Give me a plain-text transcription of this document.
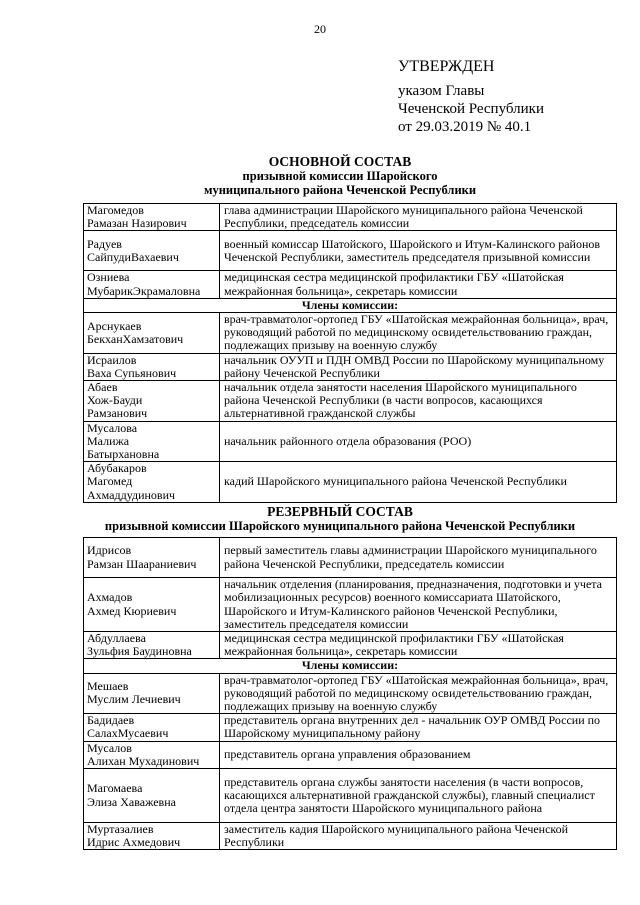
20
УТВЕРЖДЕН
указом Главы
Чеченской Республики
от 29.03.2019 № 40.1
ОСНОВНОЙ СОСТАВ
призывной комиссии Шаройского
муниципального района Чеченской Республики
Магомедов
Рамазан Назирович	глава администрации Шаройского муниципального района Чеченской Республики, председатель комиссии

Радуев
СайпудиВахаевич	военный комиссар Шатойского, Шаройского и Итум-Калинского районов Чеченской Республики, заместитель председателя призывной комиссии

Озниева
МубарикЭкрамаловна	медицинская сестра медицинской профилактики ГБУ «Шатойская межрайонная больница», секретарь комиссии
Члены комиссии:	

Арснукаев
БекханХамзатович	врач-травматолог-ортопед ГБУ «Шатойская межрайонная больница», врач, руководящий работой по медицинскому освидетельствованию граждан, подлежащих призыву на военную службу

Исраилов
Ваха Супьянович	начальник ОУУП и ПДН ОМВД России по Шаройскому муниципальному району Чеченской Республики

Абаев
Хож-Бауди
Рамзанович	начальник отдела занятости населения Шаройского муниципального района Чеченской Республики (в части вопросов, касающихся альтернативной гражданской службы

Мусалова
Малижа
Батырхановна	начальник районного отдела образования (РОО)

Абубакаров
Магомед
Ахмаддудинович	кадий Шаройского муниципального района Чеченской Республики
РЕЗЕРВНЫЙ СОСТАВ
призывной комиссии Шаройского муниципального района Чеченской Республики
Идрисов
Рамзан Шаараниевич	первый заместитель главы администрации Шаройского муниципального района Чеченской Республики, председатель комиссии

Ахмадов
Ахмед Кюриевич	начальник отделения (планирования, предназначения, подготовки и учета мобилизационных ресурсов) военного комиссариата Шатойского, Шаройского и Итум-Калинского районов Чеченской Республики, заместитель председателя комиссии

Абдуллаева
Зульфия Баудиновна	медицинская сестра медицинской профилактики ГБУ «Шатойская межрайонная больница», секретарь комиссии
Члены комиссии:	

Мешаев
Муслим Лечиевич	врач-травматолог-ортопед ГБУ «Шатойская межрайонная больница», врач, руководящий работой по медицинскому освидетельствованию граждан, подлежащих призыву на военную службу

Бадидаев
СалахМусаевич	представитель органа внутренних дел - начальник ОУР ОМВД России по Шаройскому муниципальному району

Мусалов
Алихан Мухадинович	представитель органа управления образованием

Магомаева
Элиза Хаважевна	представитель органа службы занятости населения (в части вопросов, касающихся альтернативной гражданской службы), главный специалист отдела центра занятости Шаройского муниципального района

Муртазалиев
Идрис Ахмедович	заместитель кадия Шаройского муниципального района Чеченской Республики
